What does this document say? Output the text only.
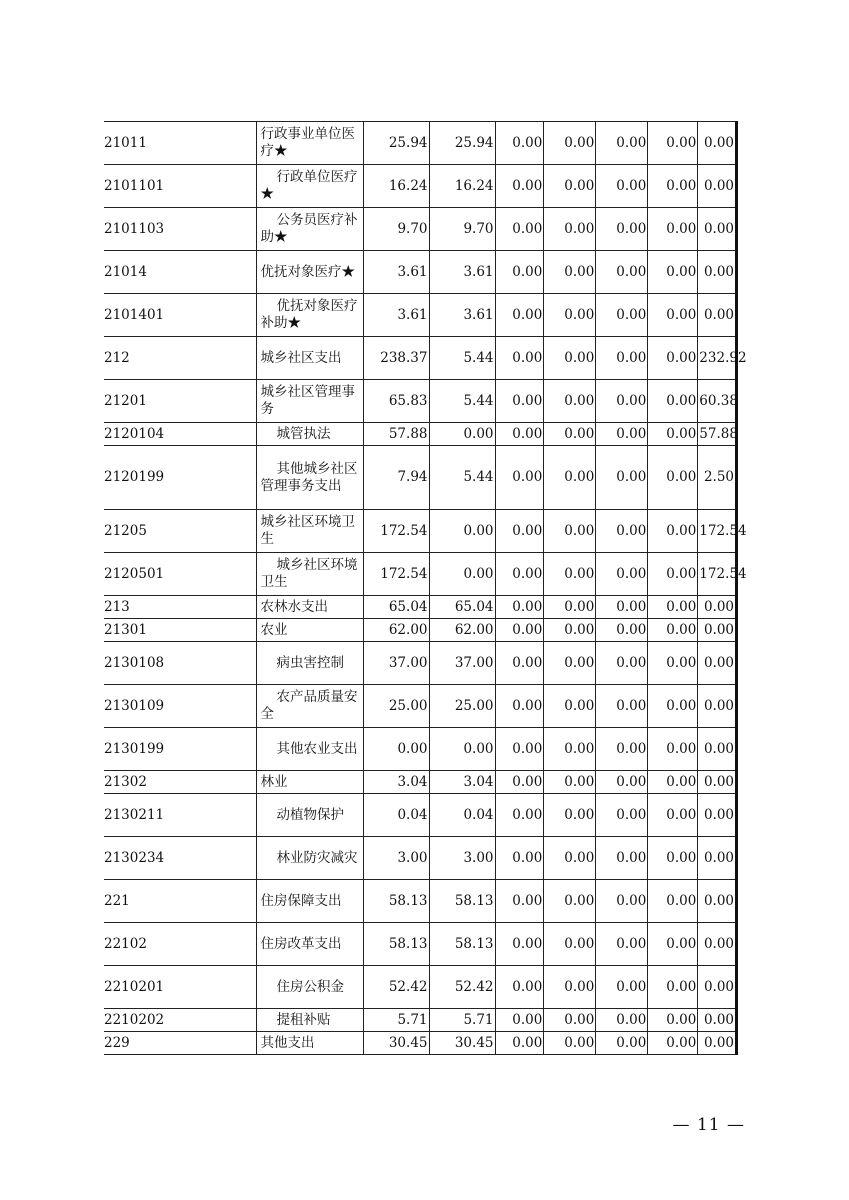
21011	行政事业单位医疗★	25.94	25.94	0.00	0.00	0.00	0.00	0.00
2101101	行政单位医疗★	16.24	16.24	0.00	0.00	0.00	0.00	0.00
2101103	公务员医疗补助★	9.70	9.70	0.00	0.00	0.00	0.00	0.00
21014	优抚对象医疗★	3.61	3.61	0.00	0.00	0.00	0.00	0.00
2101401	优抚对象医疗补助★	3.61	3.61	0.00	0.00	0.00	0.00	0.00
212	城乡社区支出	238.37	5.44	0.00	0.00	0.00	0.00	232.92
21201	城乡社区管理事务	65.83	5.44	0.00	0.00	0.00	0.00	60.38
2120104	城管执法	57.88	0.00	0.00	0.00	0.00	0.00	57.88
2120199	其他城乡社区管理事务支出	7.94	5.44	0.00	0.00	0.00	0.00	2.50
21205	城乡社区环境卫生	172.54	0.00	0.00	0.00	0.00	0.00	172.54
2120501	城乡社区环境卫生	172.54	0.00	0.00	0.00	0.00	0.00	172.54
213	农林水支出	65.04	65.04	0.00	0.00	0.00	0.00	0.00
21301	农业	62.00	62.00	0.00	0.00	0.00	0.00	0.00
2130108	病虫害控制	37.00	37.00	0.00	0.00	0.00	0.00	0.00
2130109	农产品质量安全	25.00	25.00	0.00	0.00	0.00	0.00	0.00
2130199	其他农业支出	0.00	0.00	0.00	0.00	0.00	0.00	0.00
21302	林业	3.04	3.04	0.00	0.00	0.00	0.00	0.00
2130211	动植物保护	0.04	0.04	0.00	0.00	0.00	0.00	0.00
2130234	林业防灾减灾	3.00	3.00	0.00	0.00	0.00	0.00	0.00
221	住房保障支出	58.13	58.13	0.00	0.00	0.00	0.00	0.00
22102	住房改革支出	58.13	58.13	0.00	0.00	0.00	0.00	0.00
2210201	住房公积金	52.42	52.42	0.00	0.00	0.00	0.00	0.00
2210202	提租补贴	5.71	5.71	0.00	0.00	0.00	0.00	0.00
229	其他支出	30.45	30.45	0.00	0.00	0.00	0.00	0.00
— 11 —
